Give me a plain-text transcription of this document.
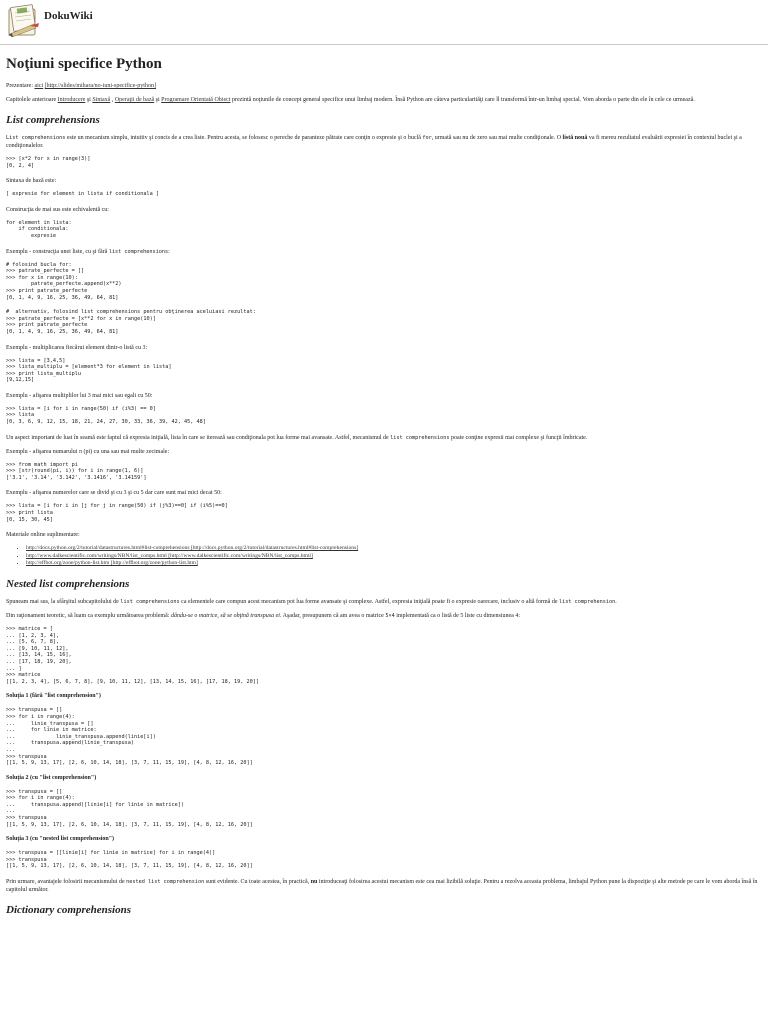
DokuWiki
Noţiuni specifice Python

Prezentare: aici [http://slides/mihara/no-iuni-specifice-python]

Capitolele anterioare Introducere şi Sintaxă , Operaţii de bază şi Programare Orientată Obiect prezintă noţiunile de concept general specifice unui limbaj modern. Însă Python are câteva particularităţi care îl transformă într-un limbaj special. Vom aborda o parte din ele în cele ce urmează.

List comprehensions

List comprehensions este un mecanism simplu, intuitiv şi concis de a crea liste. Pentru acesta, se folosesc o pereche de paranteze pătrate care conţin o expresie şi o buclă for, urmată sau nu de zero sau mai multe condiţionale. O listă nouă va fi mereu rezultatul evaluării expresiei în contextul buclei şi a condiţionalelor.

>>> [x*2 for x in range(3)]
[0, 2, 4]

Sintaxa de bază este:

[ expresie for element in lista if conditionala ]

Construcţia de mai sus este echivalentă cu:

for element in lista:
if conditionala:
expresie

Exemplu - construcţia unei liste, cu şi fără list comprehensions:

# folosind bucla for:
>>> patrate_perfecte = []
>>> for x in range(10):
patrate_perfecte.append(x**2)
>>> print patrate_perfecte
[0, 1, 4, 9, 16, 25, 36, 49, 64, 81]
#  alternativ, folosind list comprehensions pentru obţinerea aceluiasi rezultat:
>>> patrate_perfecte = [x**2 for x in range(10)]
>>> print patrate_perfecte
[0, 1, 4, 9, 16, 25, 36, 49, 64, 81]

Exemplu - multiplicarea fiecărui element dintr-o listă cu 3:

>>> lista = [3,4,5]
>>> lista_multiplu = [element*3 for element in lista]
>>> print lista_multiplu
[9,12,15]

Exemplu - afişarea multiplilor lui 3 mai mici sau egali cu 50:

>>> lista = [i for i in range(50) if (i%3) == 0]
>>> lista
[0, 3, 6, 9, 12, 15, 18, 21, 24, 27, 30, 33, 36, 39, 42, 45, 48]

Un aspect important de luat în seamă este faptul că expresia iniţială, lista în care se iterează sau condiţionala pot lua forme mai avansate. Astfel, mecanismul de list comprehensions poate conţine expresii mai complexe şi funcţii îmbricate.

Exemplu - afişarea numarului π (pi) cu una sau mai multe zecimale:

>>> from math import pi
>>> [str(round(pi, i)) for i in range(1, 6)]
['3.1', '3.14', '3.142', '3.1416', '3.14159']

Exemplu - afişarea numerelor care se divid şi cu 3 şi cu 5 dar care sunt mai mici decat 50:

>>> lista = [i for i in [j for j in range(50) if (j%3)==0] if (i%5)==0]
>>> print lista
[0, 15, 30, 45]

Materiale online suplimentare:

• http://docs.python.org/2/tutorial/datastructures.html#list-comprehensions [http://docs.python.org/2/tutorial/datastructures.html#list-comprehensions]
• http://www.dalkescientific.com/writings/NBN/list_comps.html [http://www.dalkescientific.com/writings/NBN/list_comps.html]
• http://effbot.org/zone/python-list.htm [http://effbot.org/zone/python-list.htm]
Nested list comprehensions

Spuneam mai sus, la sfârşitul subcapitolului de list comprehensions ca elementele care compun acest mecanism pot lua forme avansate şi complexe. Astfel, expresia iniţială poate fi o expresie oarecare, inclusiv o altă formă de list comprehension.

Din raţionament teoretic, să luam ca exemplu următoarea problemă: dându-se o matrice, să se obţină transpusa ei. Aşadar, presupunem că am avea o matrice 5×4 implementată ca o listă de 5 liste cu dimensiunea 4:

>>> matrice = [
... [1, 2, 3, 4],
... [5, 6, 7, 8],
... [9, 10, 11, 12],
... [13, 14, 15, 16],
... [17, 18, 19, 20],
... ]
>>> matrice
[[1, 2, 3, 4], [5, 6, 7, 8], [9, 10, 11, 12], [13, 14, 15, 16], [17, 18, 19, 20]]
Soluţia 1 (fără "list comprehension")
>>> transpusa = []
>>> for i in range(4):
...     linie_transpusa = []
...     for linie in matrice:
...             linie_transpusa.append(linie[i])
...     transpusa.append(linie_transpusa)
...
>>> transpusa
[[1, 5, 9, 13, 17], [2, 6, 10, 14, 18], [3, 7, 11, 15, 19], [4, 8, 12, 16, 20]]
Soluţia 2 (cu "list comprehension")
>>> transpusa = []
>>> for i in range(4):
...     transpusa.append([linie[i] for linie in matrice])
...
>>> transpusa
[[1, 5, 9, 13, 17], [2, 6, 10, 14, 18], [3, 7, 11, 15, 19], [4, 8, 12, 16, 20]]
Soluţia 3 (cu "nested list comprehension")
>>> transpusa = [[linie[i] for linie in matrice] for i in range(4)]
>>> transpusa
[[1, 5, 9, 13, 17], [2, 6, 10, 14, 18], [3, 7, 11, 15, 19], [4, 8, 12, 16, 20]]

Prin urmare, avantajele folosirii mecanismului de nested list comprehension sunt evidente. Cu toate acestea, în practică, nu introduceaţi folosirea acestui mecanism este cea mai lizibilă soluţie. Pentru a rezolva aceasta problema, limbajul Python pune la dispoziţie şi alte metode pe care le vom aborda însă în capitolul următor.

Dictionary comprehensions
